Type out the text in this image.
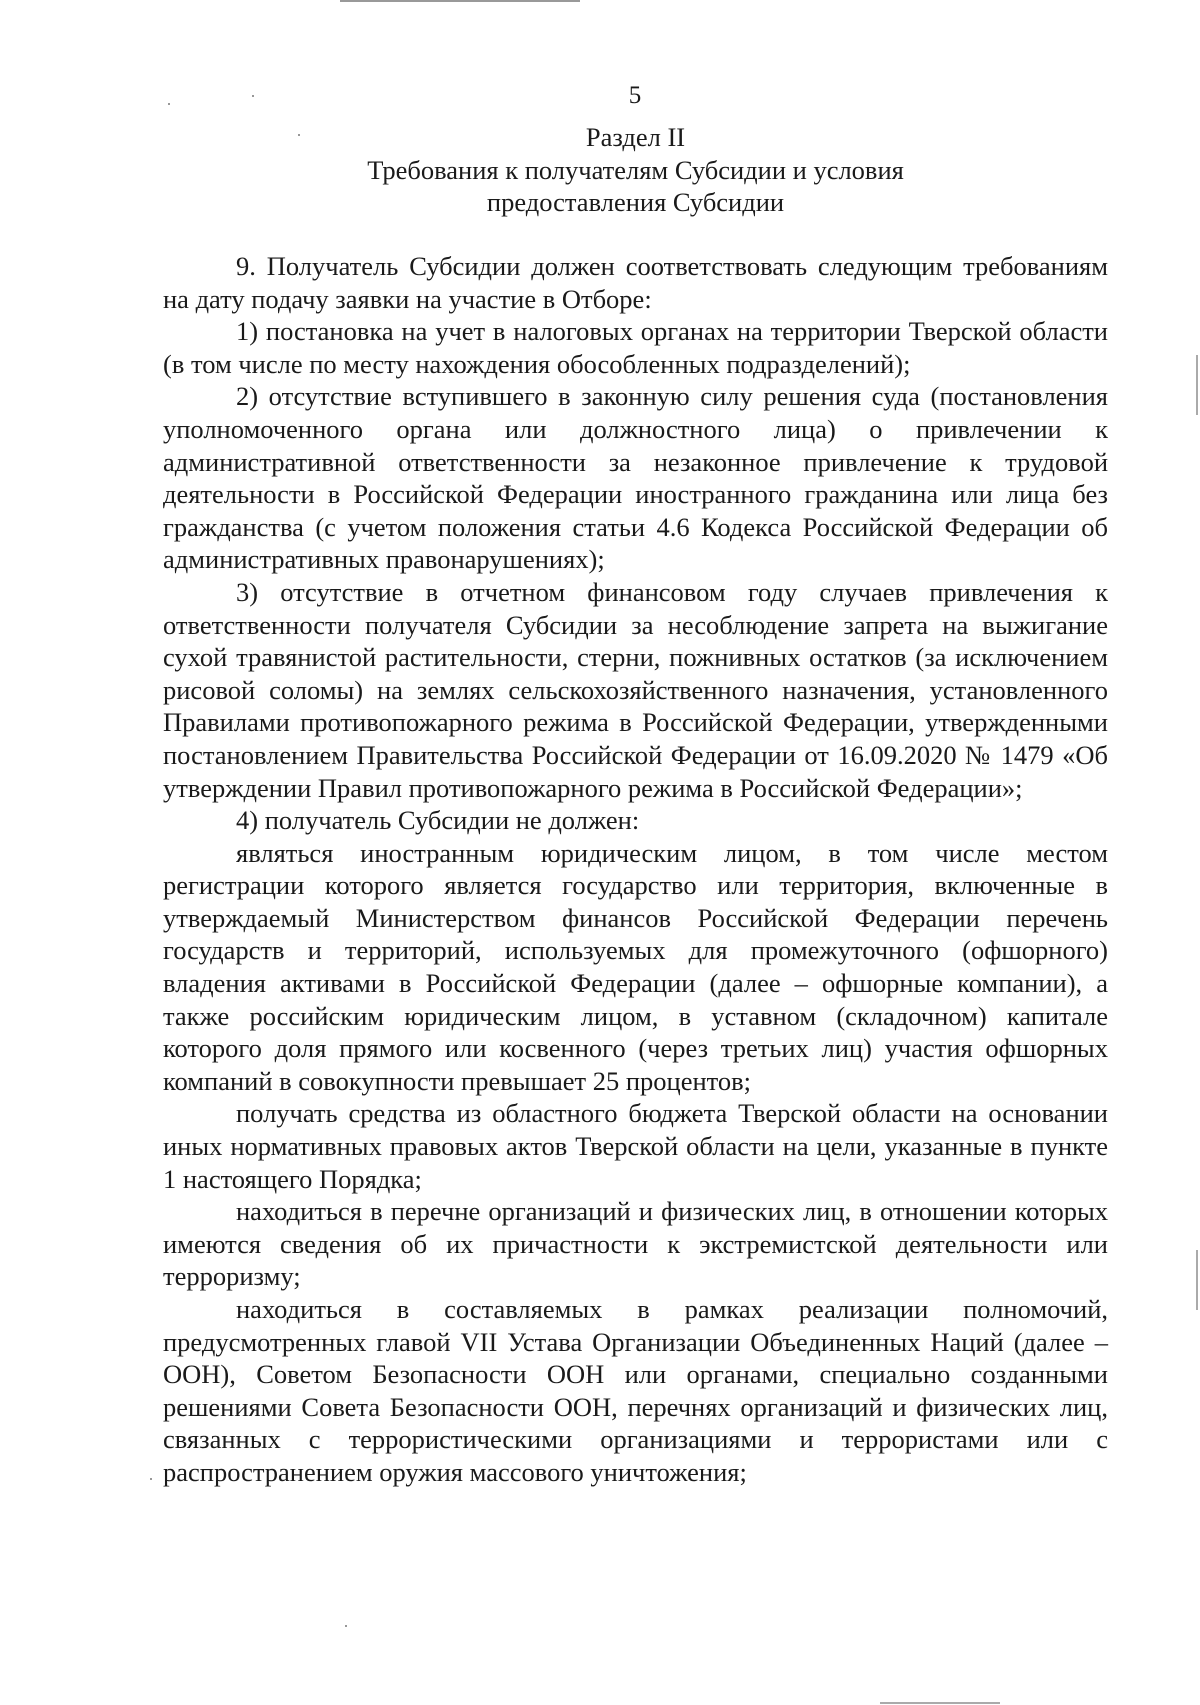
5
Раздел II
Требования к получателям Субсидии и условия
предоставления Субсидии

9. Получатель Субсидии должен соответствовать следующим требованиям на дату подачу заявки на участие в Отборе:

1) постановка на учет в налоговых органах на территории Тверской области (в том числе по месту нахождения обособленных подразделений);

2) отсутствие вступившего в законную силу решения суда (постановления уполномоченного органа или должностного лица) о привлечении к административной ответственности за незаконное привлечение к трудовой деятельности в Российской Федерации иностранного гражданина или лица без гражданства (с учетом положения статьи 4.6 Кодекса Российской Федерации об административных правонарушениях);

3) отсутствие в отчетном финансовом году случаев привлечения к ответственности получателя Субсидии за несоблюдение запрета на выжигание сухой травянистой растительности, стерни, пожнивных остатков (за исключением рисовой соломы) на землях сельскохозяйственного назначения, установленного Правилами противопожарного режима в Российской Федерации, утвержденными постановлением Правительства Российской Федерации от 16.09.2020 № 1479 «Об утверждении Правил противопожарного режима в Российской Федерации»;

4) получатель Субсидии не должен:

являться иностранным юридическим лицом, в том числе местом регистрации которого является государство или территория, включенные в утверждаемый Министерством финансов Российской Федерации перечень государств и территорий, используемых для промежуточного (офшорного) владения активами в Российской Федерации (далее – офшорные компании), а также российским юридическим лицом, в уставном (складочном) капитале которого доля прямого или косвенного (через третьих лиц) участия офшорных компаний в совокупности превышает 25 процентов;

получать средства из областного бюджета Тверской области на основании иных нормативных правовых актов Тверской области на цели, указанные в пункте 1 настоящего Порядка;

находиться в перечне организаций и физических лиц, в отношении которых имеются сведения об их причастности к экстремистской деятельности или терроризму;

находиться в составляемых в рамках реализации полномочий, предусмотренных главой VII Устава Организации Объединенных Наций (далее – ООН), Советом Безопасности ООН или органами, специально созданными решениями Совета Безопасности ООН, перечнях организаций и физических лиц, связанных с террористическими организациями и террористами или с распространением оружия массового уничтожения;
